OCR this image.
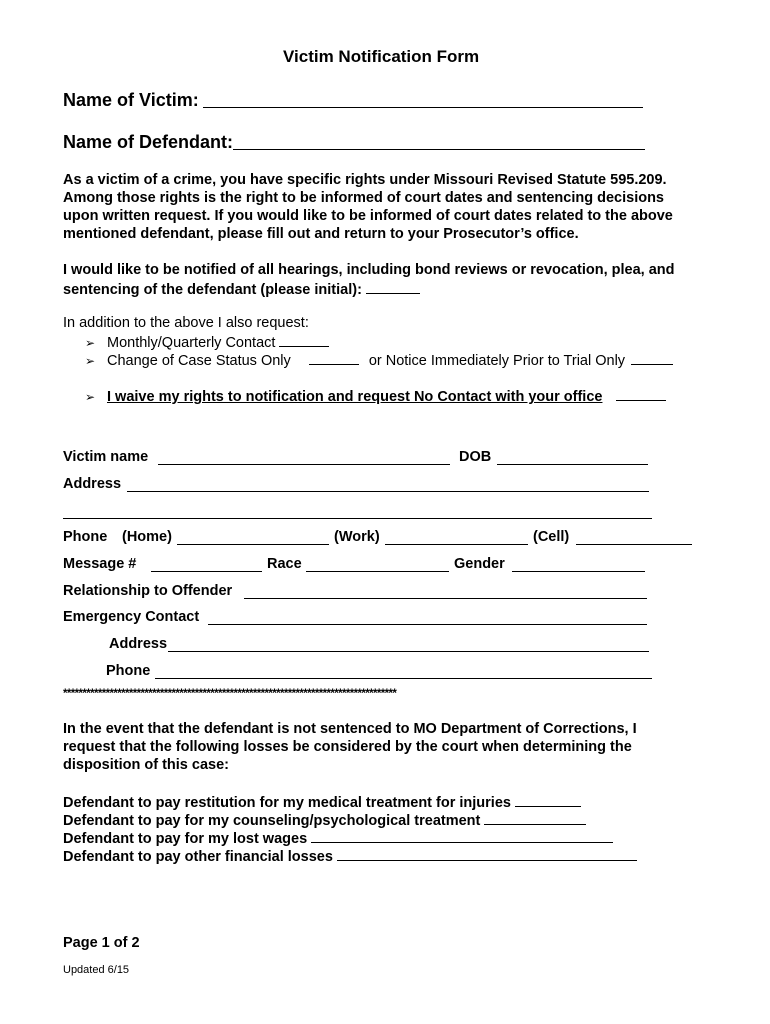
Victim Notification Form
Name of Victim:
Name of Defendant:
As a victim of a crime, you have specific rights under Missouri Revised Statute 595.209.
Among those rights is the right to be informed of court dates and sentencing decisions
upon written request. If you would like to be informed of court dates related to the above
mentioned defendant, please fill out and return to your Prosecutor’s office.
I would like to be notified of all hearings, including bond reviews or revocation, plea, and
sentencing of the defendant (please initial):
In addition to the above I also request:
➢ Monthly/Quarterly Contact
➢ Change of Case Status Only	or Notice Immediately Prior to Trial Only
➢ I waive my rights to notification and request No Contact with your office
Victim name	DOB
Address
Phone (Home)	(Work)	(Cell)
Message #	Race	Gender
Relationship to Offender
Emergency Contact
Address
Phone
**************************************************************************************
In the event that the defendant is not sentenced to MO Department of Corrections, I
request that the following losses be considered by the court when determining the
disposition of this case:
Defendant to pay restitution for my medical treatment for injuries
Defendant to pay for my counseling/psychological treatment
Defendant to pay for my lost wages
Defendant to pay other financial losses
Page 1 of 2
Updated 6/15
